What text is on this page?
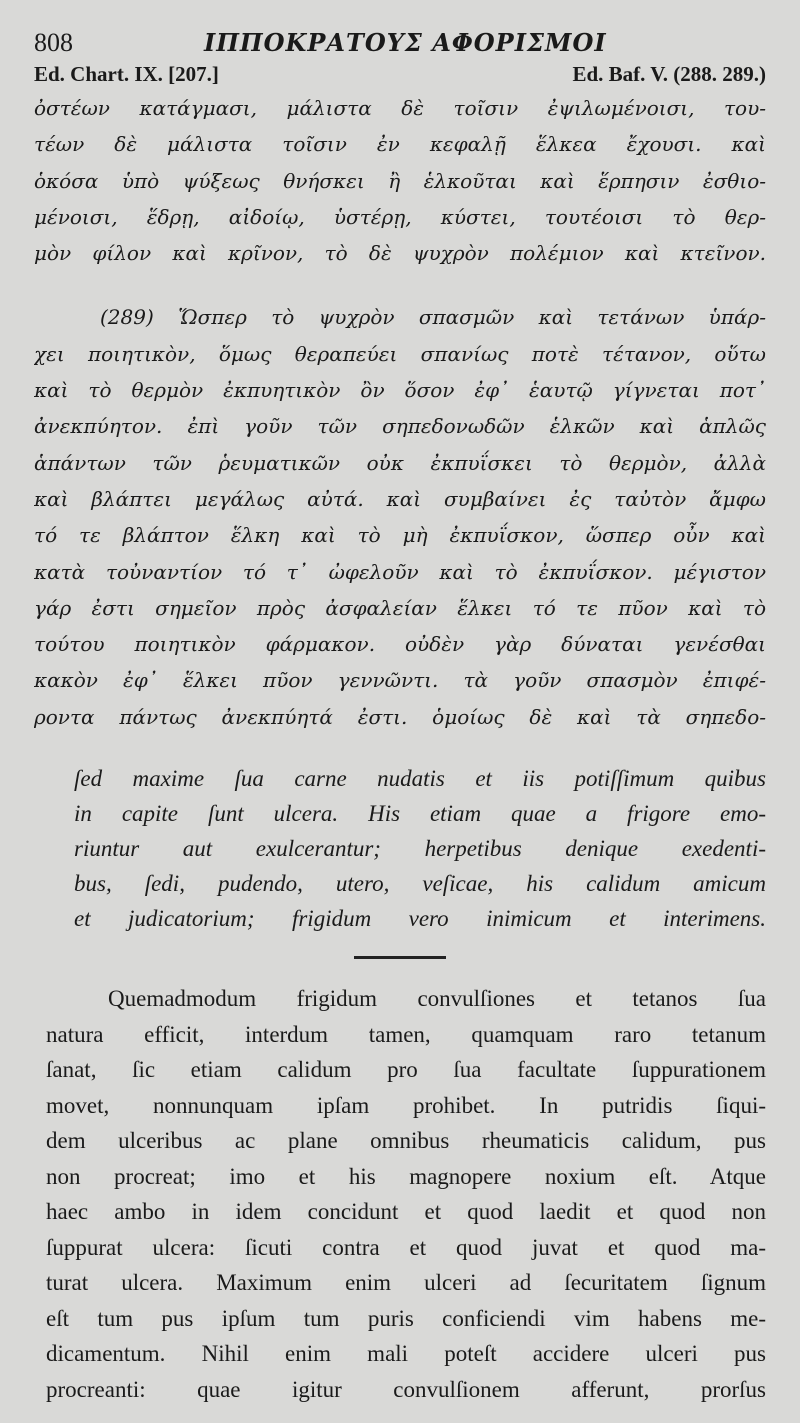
808	ΙΠΠΟΚΡΑΤΟΥΣ ΑΦΟΡΙΣΜΟΙ
Ed. Chart. IX. [207.]	Ed. Baf. V. (288. 289.)
ὀστέων κατάγμασι, μάλιστα δὲ τοῖσιν ἐψιλωμένοισι, του-
τέων δὲ μάλιστα τοῖσιν ἐν κεφαλῇ ἕλκεα ἔχουσι. καὶ
ὁκόσα ὑπὸ ψύξεως θνήσκει ἢ ἑλκοῦται καὶ ἕρπησιν ἐσθιο-
μένοισι, ἕδρῃ, αἰδοίῳ, ὑστέρῃ, κύστει, τουτέοισι τὸ θερ-
μὸν φίλον καὶ κρῖνον, τὸ δὲ ψυχρὸν πολέμιον καὶ κτεῖνον.
(289) Ὥσπερ τὸ ψυχρὸν σπασμῶν καὶ τετάνων ὑπάρ-
χει ποιητικὸν, ὅμως θεραπεύει σπανίως ποτὲ τέτανον, οὕτω
καὶ τὸ θερμὸν ἐκπυητικὸν ὂν ὅσον ἐφ᾽ ἑαυτῷ γίγνεται ποτ᾽
ἀνεκπύητον. ἐπὶ γοῦν τῶν σηπεδονωδῶν ἑλκῶν καὶ ἁπλῶς
ἁπάντων τῶν ῥευματικῶν οὐκ ἐκπυΐσκει τὸ θερμὸν, ἀλλὰ
καὶ βλάπτει μεγάλως αὐτά. καὶ συμβαίνει ἐς ταὐτὸν ἄμφω
τό τε βλάπτον ἕλκη καὶ τὸ μὴ ἐκπυΐσκον, ὥσπερ οὖν καὶ
κατὰ τοὐναντίον τό τ᾽ ὠφελοῦν καὶ τὸ ἐκπυΐσκον. μέγιστον
γάρ ἐστι σημεῖον πρὸς ἀσφαλείαν ἕλκει τό τε πῦον καὶ τὸ
τούτου ποιητικὸν φάρμακον. οὐδὲν γὰρ δύναται γενέσθαι
κακὸν ἐφ᾽ ἕλκει πῦον γεννῶντι. τὰ γοῦν σπασμὸν ἐπιφέ-
ροντα πάντως ἀνεκπύητά ἐστι. ὁμοίως δὲ καὶ τὰ σηπεδο-
ſed maxime ſua carne nudatis et iis potiſſimum quibus
in capite ſunt ulcera. His etiam quae a frigore emo-
riuntur aut exulcerantur; herpetibus denique exedenti-
bus, ſedi, pudendo, utero, veſicae, his calidum amicum
et judicatorium; frigidum vero inimicum et interimens.
Quemadmodum frigidum convulſiones et tetanos ſua
natura efficit, interdum tamen, quamquam raro tetanum
ſanat, ſic etiam calidum pro ſua facultate ſuppurationem
movet, nonnunquam ipſam prohibet. In putridis ſiqui-
dem ulceribus ac plane omnibus rheumaticis calidum, pus
non procreat; imo et his magnopere noxium eſt. Atque
haec ambo in idem concidunt et quod laedit et quod non
ſuppurat ulcera: ſicuti contra et quod juvat et quod ma-
turat ulcera. Maximum enim ulceri ad ſecuritatem ſignum
eſt tum pus ipſum tum puris conficiendi vim habens me-
dicamentum. Nihil enim mali poteſt accidere ulceri pus
procreanti: quae igitur convulſionem afferunt, prorſus
